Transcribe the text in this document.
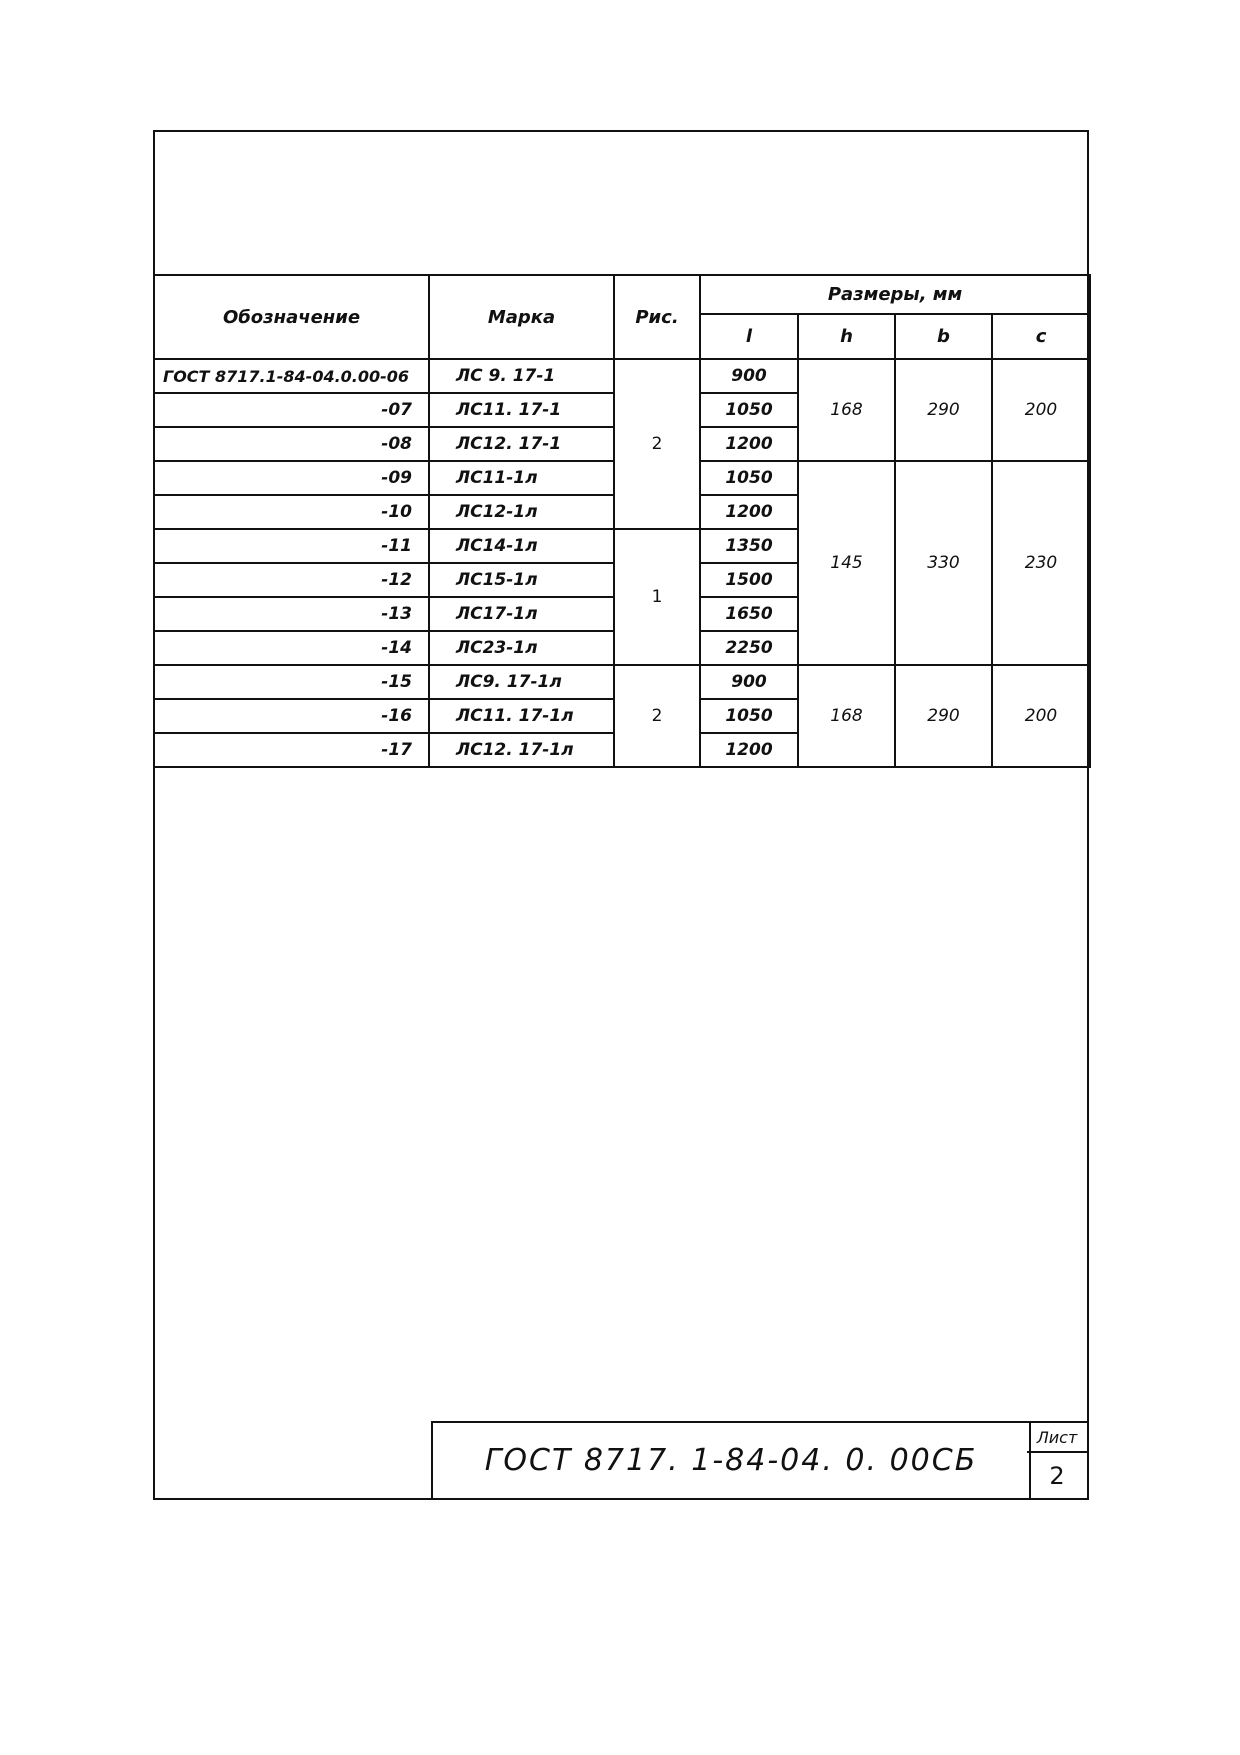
Обозначение	Марка	Рис.	Размеры, мм			
			l	h	b	c
ГОСТ 8717.1-84-04.0.00-06	ЛС 9. 17-1	2	900	168	290	200
-07	ЛС11. 17-1		1050			
-08	ЛС12. 17-1		1200			
-09	ЛС11-1л		1050	145	330	230
-10	ЛС12-1л		1200			
-11	ЛС14-1л	1	1350			
-12	ЛС15-1л		1500			
-13	ЛС17-1л		1650			
-14	ЛС23-1л		2250			
-15	ЛС9. 17-1л	2	900	168	290	200
-16	ЛС11. 17-1л		1050			
-17	ЛС12. 17-1л		1200			
ГОСТ 8717. 1-84-04. 0. 00СБ
Лист
2
